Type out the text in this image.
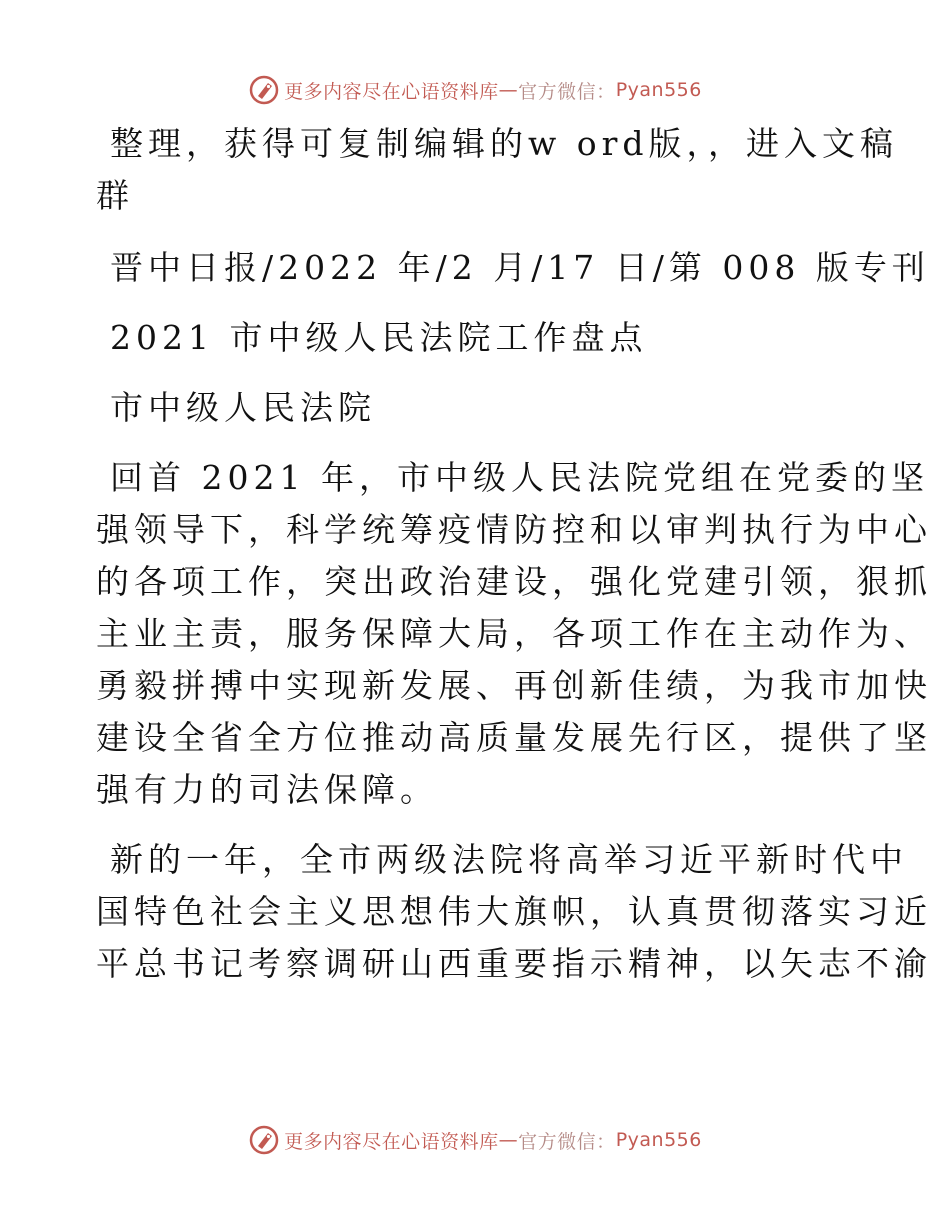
更多内容尽在心语资料库 — 官方微信： Pyan556

整理，获得可复制编辑的w ord版，，进入文稿
群

晋中日报/2022 年/2 月/17 日/第 008 版专刊

2021 市中级人民法院工作盘点

市中级人民法院

回首 2021 年，市中级人民法院党组在党委的坚
强领导下，科学统筹疫情防控和以审判执行为中心
的各项工作，突出政治建设，强化党建引领，狠抓
主业主责，服务保障大局，各项工作在主动作为、
勇毅拼搏中实现新发展、再创新佳绩，为我市加快
建设全省全方位推动高质量发展先行区，提供了坚
强有力的司法保障。

新的一年，全市两级法院将高举习近平新时代中
国特色社会主义思想伟大旗帜，认真贯彻落实习近
平总书记考察调研山西重要指示精神，以矢志不渝

更多内容尽在心语资料库 — 官方微信： Pyan556
